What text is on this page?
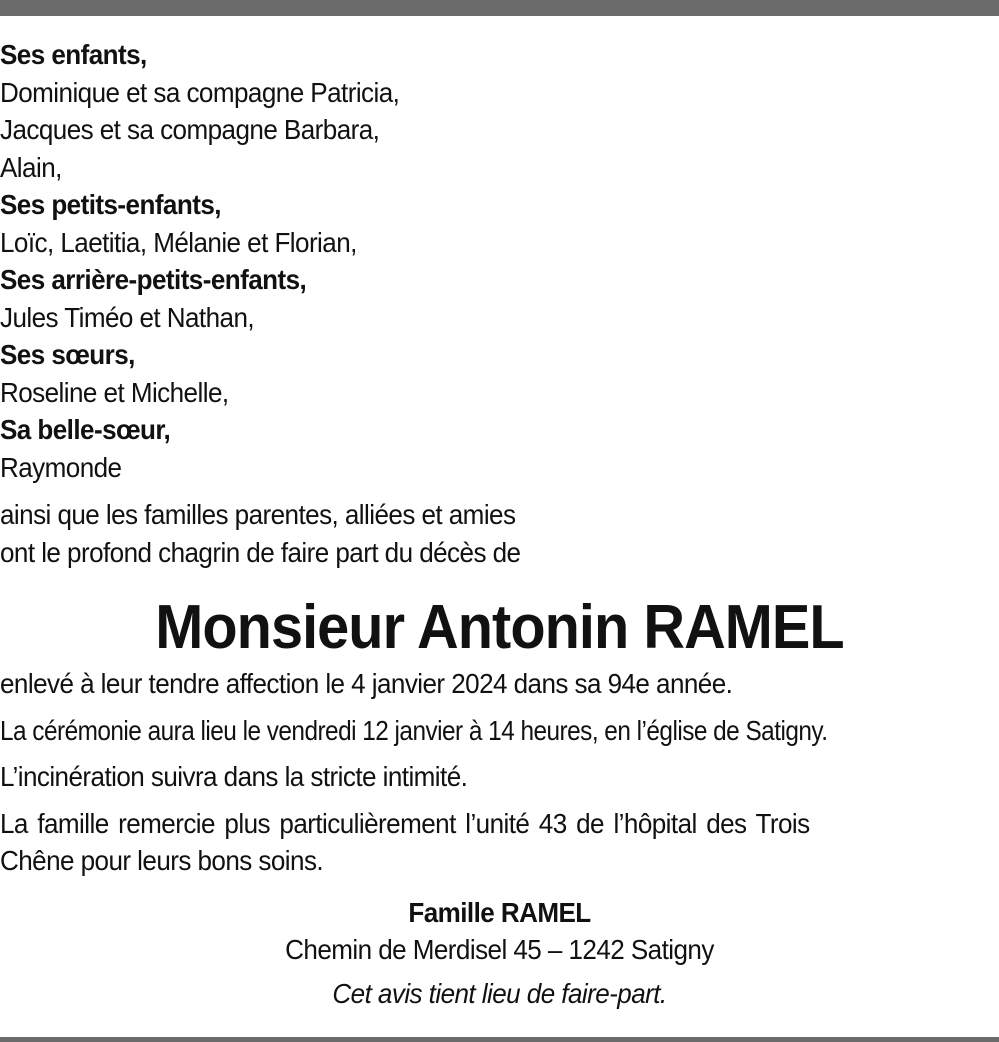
Ses enfants,
Dominique et sa compagne Patricia,
Jacques et sa compagne Barbara,
Alain,
Ses petits-enfants,
Loïc, Laetitia, Mélanie et Florian,
Ses arrière-petits-enfants,
Jules Timéo et Nathan,
Ses sœurs,
Roseline et Michelle,
Sa belle-sœur,
Raymonde
ainsi que les familles parentes, alliées et amies
ont le profond chagrin de faire part du décès de
Monsieur Antonin RAMEL
enlevé à leur tendre affection le 4 janvier 2024 dans sa 94e année.
La cérémonie aura lieu le vendredi 12 janvier à 14 heures, en l’église de Satigny.
L’incinération suivra dans la stricte intimité.
La famille remercie plus particulièrement l’unité 43 de l’hôpital des Trois
Chêne pour leurs bons soins.
Famille RAMEL
Chemin de Merdisel 45 – 1242 Satigny
Cet avis tient lieu de faire-part.
